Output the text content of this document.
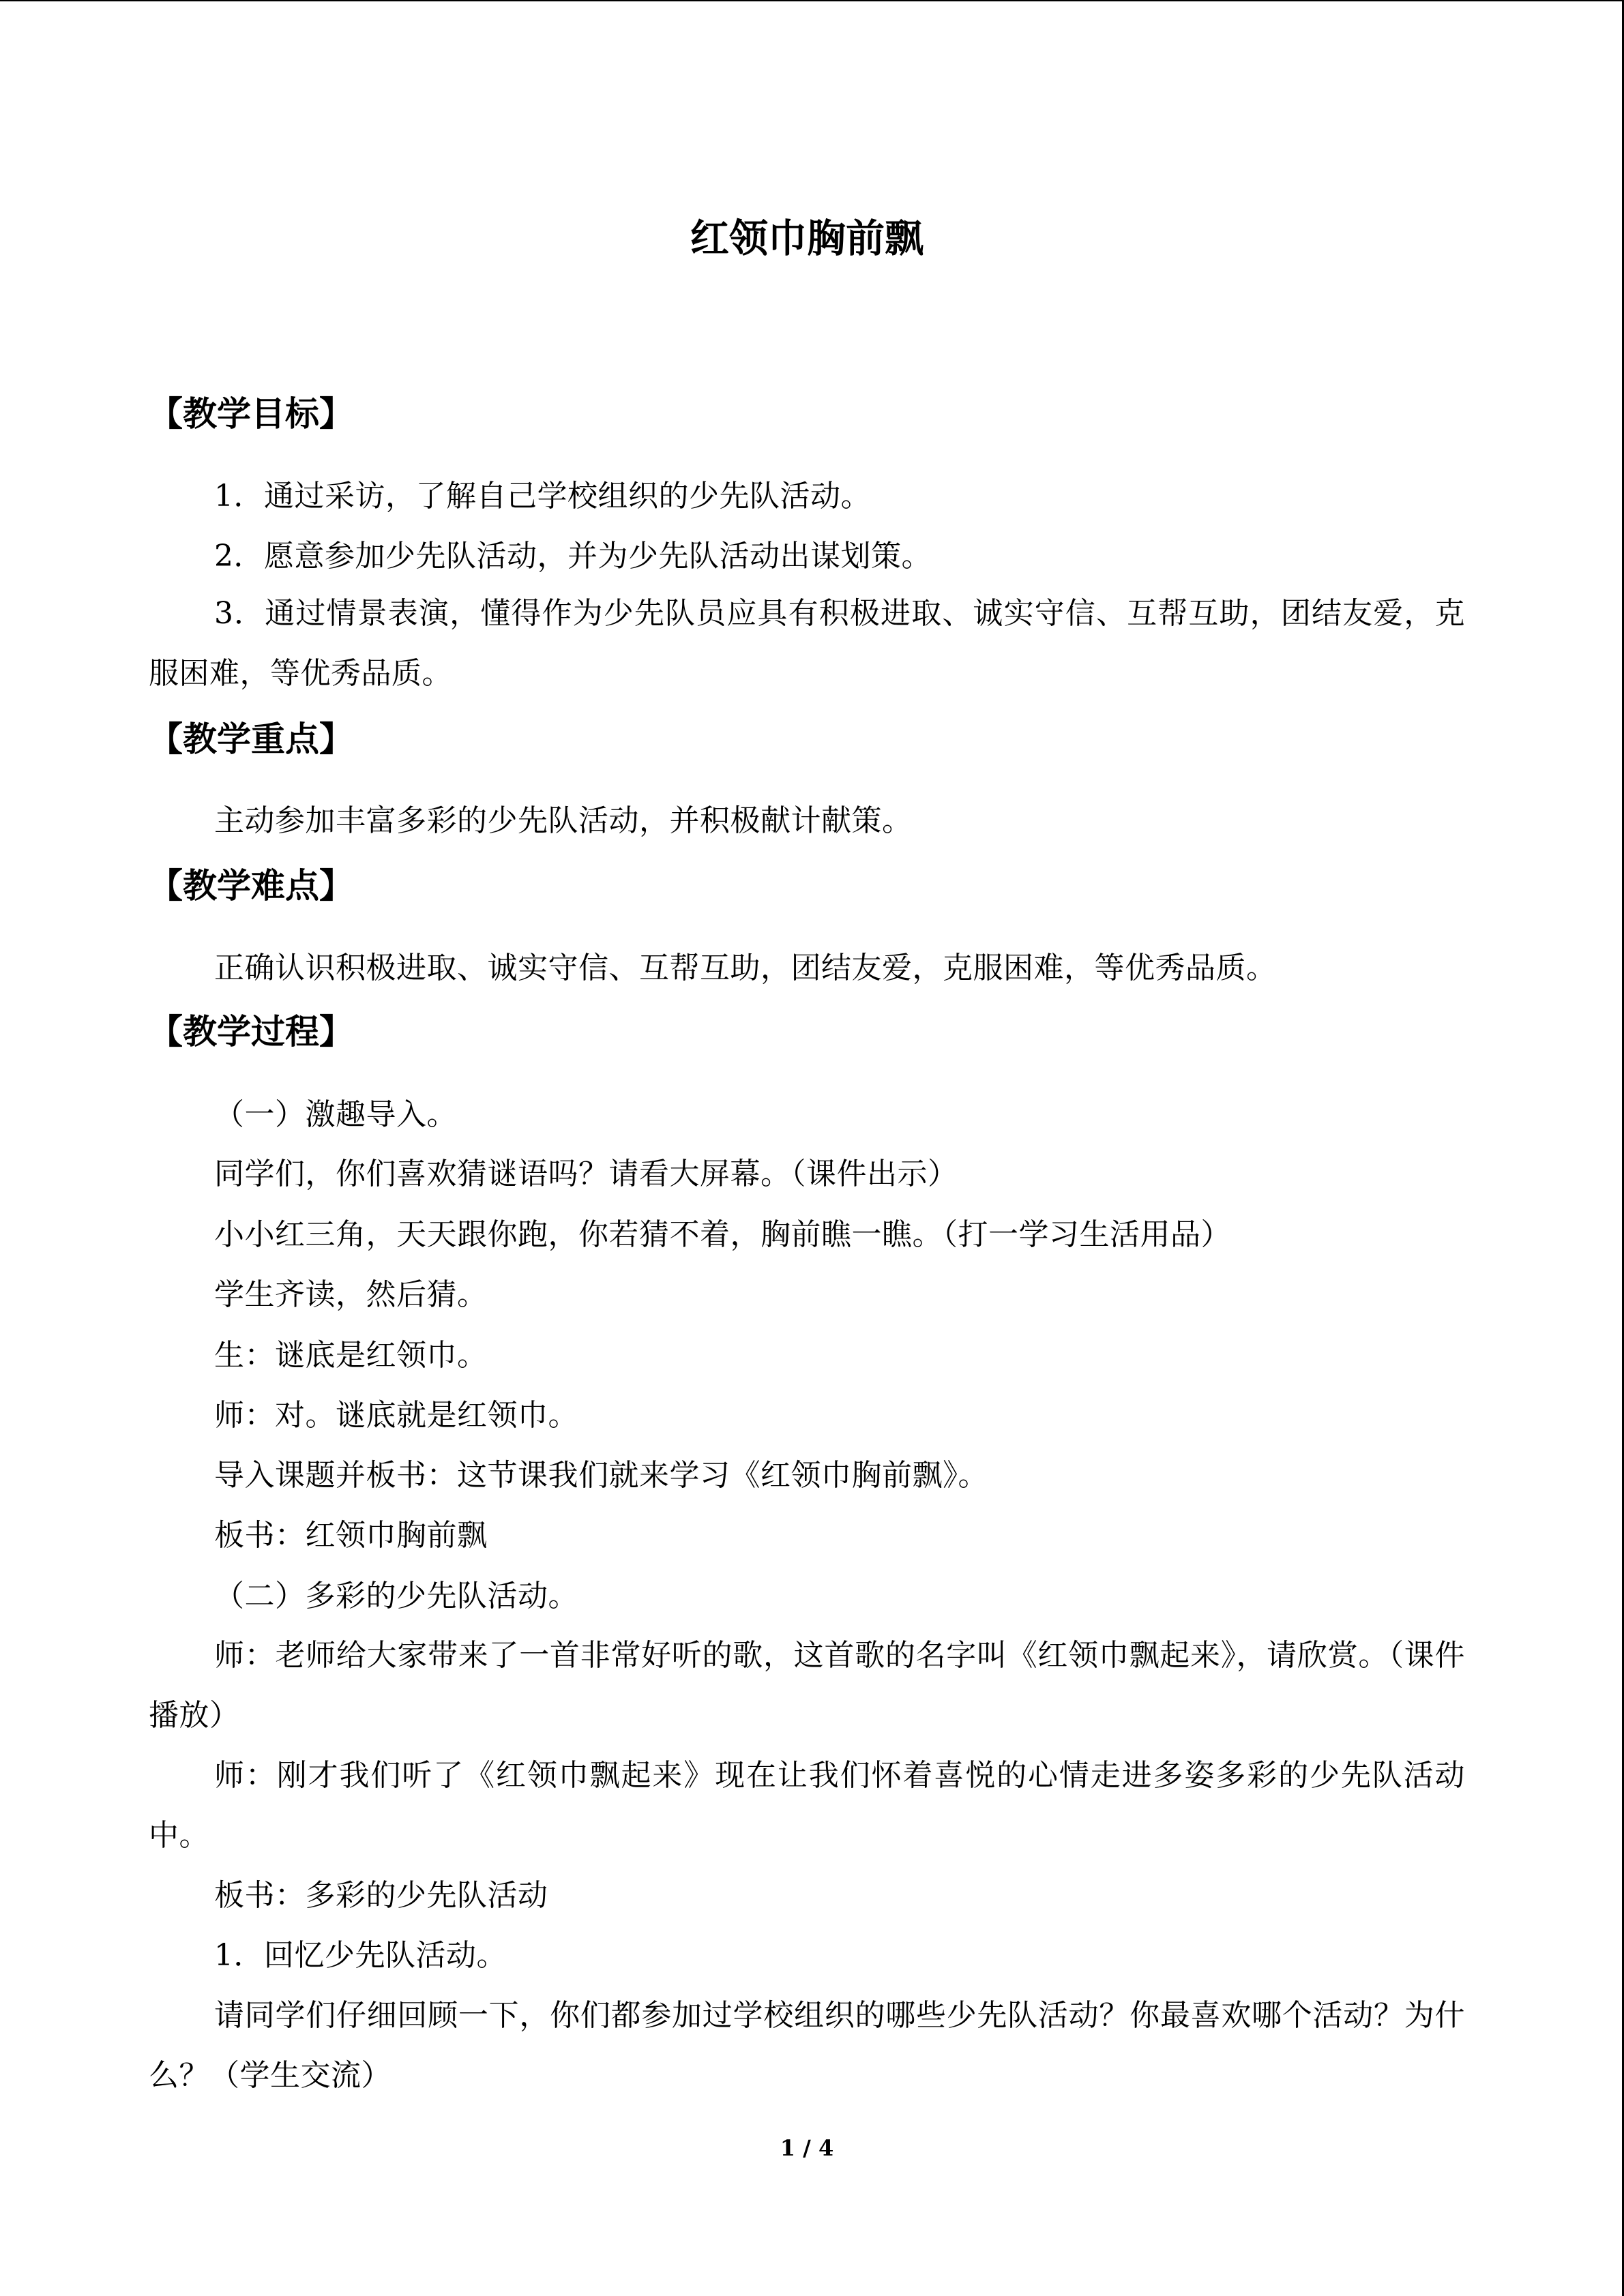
红领巾胸前飘
【教学目标】
1．通过采访，了解自己学校组织的少先队活动。
2．愿意参加少先队活动，并为少先队活动出谋划策。
3．通过情景表演，懂得作为少先队员应具有积极进取、诚实守信、互帮互助，团结友爱，克服困难，等优秀品质。
【教学重点】
主动参加丰富多彩的少先队活动，并积极献计献策。
【教学难点】
正确认识积极进取、诚实守信、互帮互助，团结友爱，克服困难，等优秀品质。
【教学过程】
（一）激趣导入。
同学们，你们喜欢猜谜语吗？请看大屏幕。（课件出示）
小小红三角，天天跟你跑，你若猜不着，胸前瞧一瞧。（打一学习生活用品）
学生齐读，然后猜。
生：谜底是红领巾。
师：对。谜底就是红领巾。
导入课题并板书：这节课我们就来学习《红领巾胸前飘》。
板书：红领巾胸前飘
（二）多彩的少先队活动。
师：老师给大家带来了一首非常好听的歌，这首歌的名字叫《红领巾飘起来》，请欣赏。（课件播放）
师：刚才我们听了《红领巾飘起来》现在让我们怀着喜悦的心情走进多姿多彩的少先队活动中。
板书：多彩的少先队活动
1．回忆少先队活动。
请同学们仔细回顾一下，你们都参加过学校组织的哪些少先队活动？你最喜欢哪个活动？为什么？（学生交流）
1 / 4
